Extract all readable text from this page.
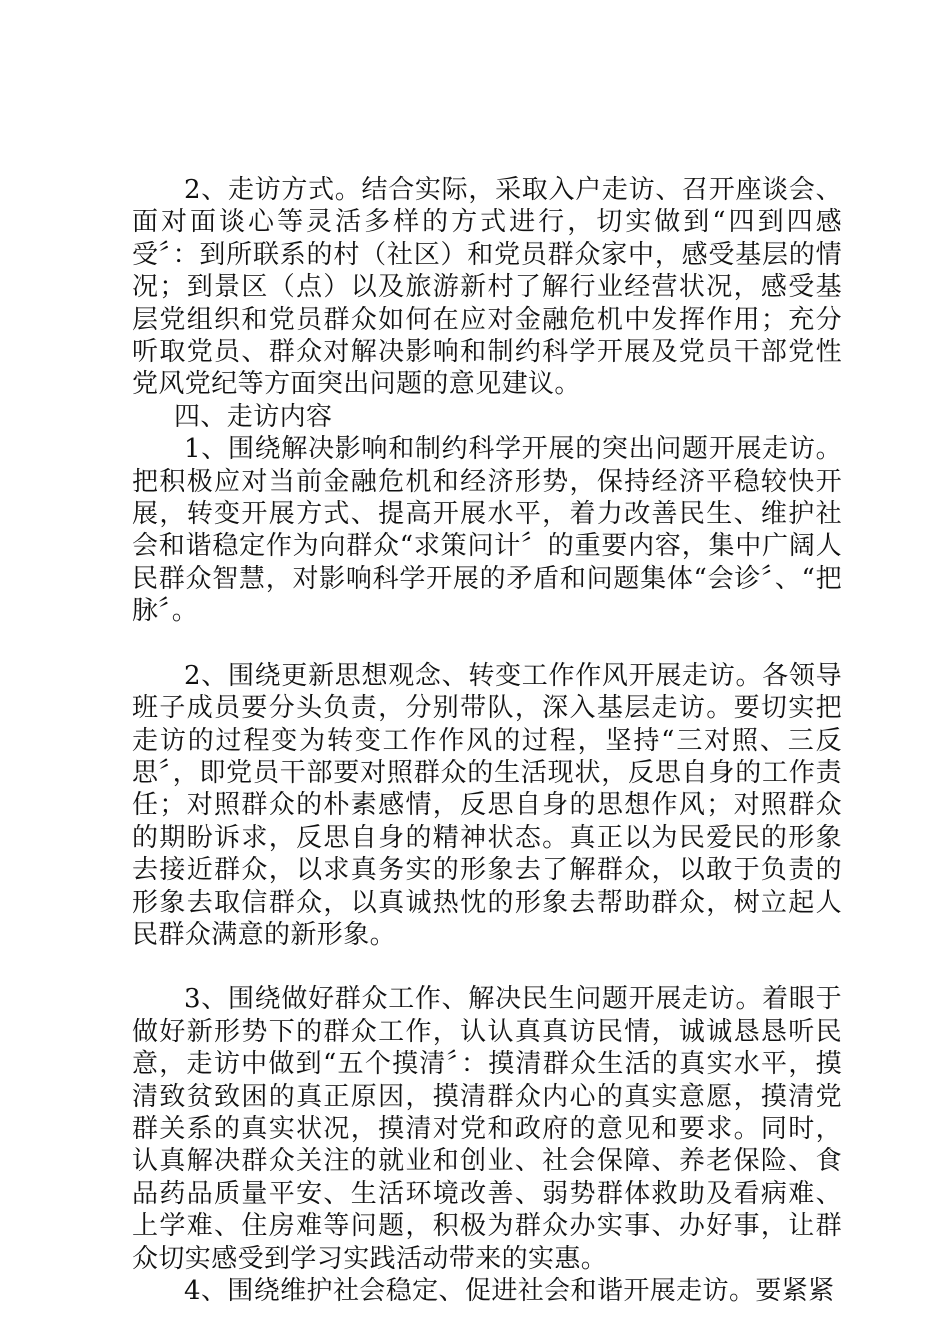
2、走访方式。结合实际，采取入户走访、召开座谈会、面对面谈心等灵活多样的方式进行，切实做到“四到四感受〞：到所联系的村（社区）和党员群众家中，感受基层的情况；到景区（点）以及旅游新村了解行业经营状况，感受基层党组织和党员群众如何在应对金融危机中发挥作用；充分听取党员、群众对解决影响和制约科学开展及党员干部党性党风党纪等方面突出问题的意见建议。

四、走访内容

1、围绕解决影响和制约科学开展的突出问题开展走访。把积极应对当前金融危机和经济形势，保持经济平稳较快开展，转变开展方式、提高开展水平，着力改善民生、维护社会和谐稳定作为向群众“求策问计〞的重要内容，集中广阔人民群众智慧，对影响科学开展的矛盾和问题集体“会诊〞、“把脉〞。

2、围绕更新思想观念、转变工作作风开展走访。各领导班子成员要分头负责，分别带队，深入基层走访。要切实把走访的过程变为转变工作作风的过程，坚持“三对照、三反思〞，即党员干部要对照群众的生活现状，反思自身的工作责任；对照群众的朴素感情，反思自身的思想作风；对照群众的期盼诉求，反思自身的精神状态。真正以为民爱民的形象去接近群众，以求真务实的形象去了解群众，以敢于负责的形象去取信群众，以真诚热忱的形象去帮助群众，树立起人民群众满意的新形象。

3、围绕做好群众工作、解决民生问题开展走访。着眼于做好新形势下的群众工作，认认真真访民情，诚诚恳恳听民意，走访中做到“五个摸清〞：摸清群众生活的真实水平，摸清致贫致困的真正原因，摸清群众内心的真实意愿，摸清党群关系的真实状况，摸清对党和政府的意见和要求。同时，认真解决群众关注的就业和创业、社会保障、养老保险、食品药品质量平安、生活环境改善、弱势群体救助及看病难、上学难、住房难等问题，积极为群众办实事、办好事，让群众切实感受到学习实践活动带来的实惠。

4、围绕维护社会稳定、促进社会和谐开展走访。要紧紧
